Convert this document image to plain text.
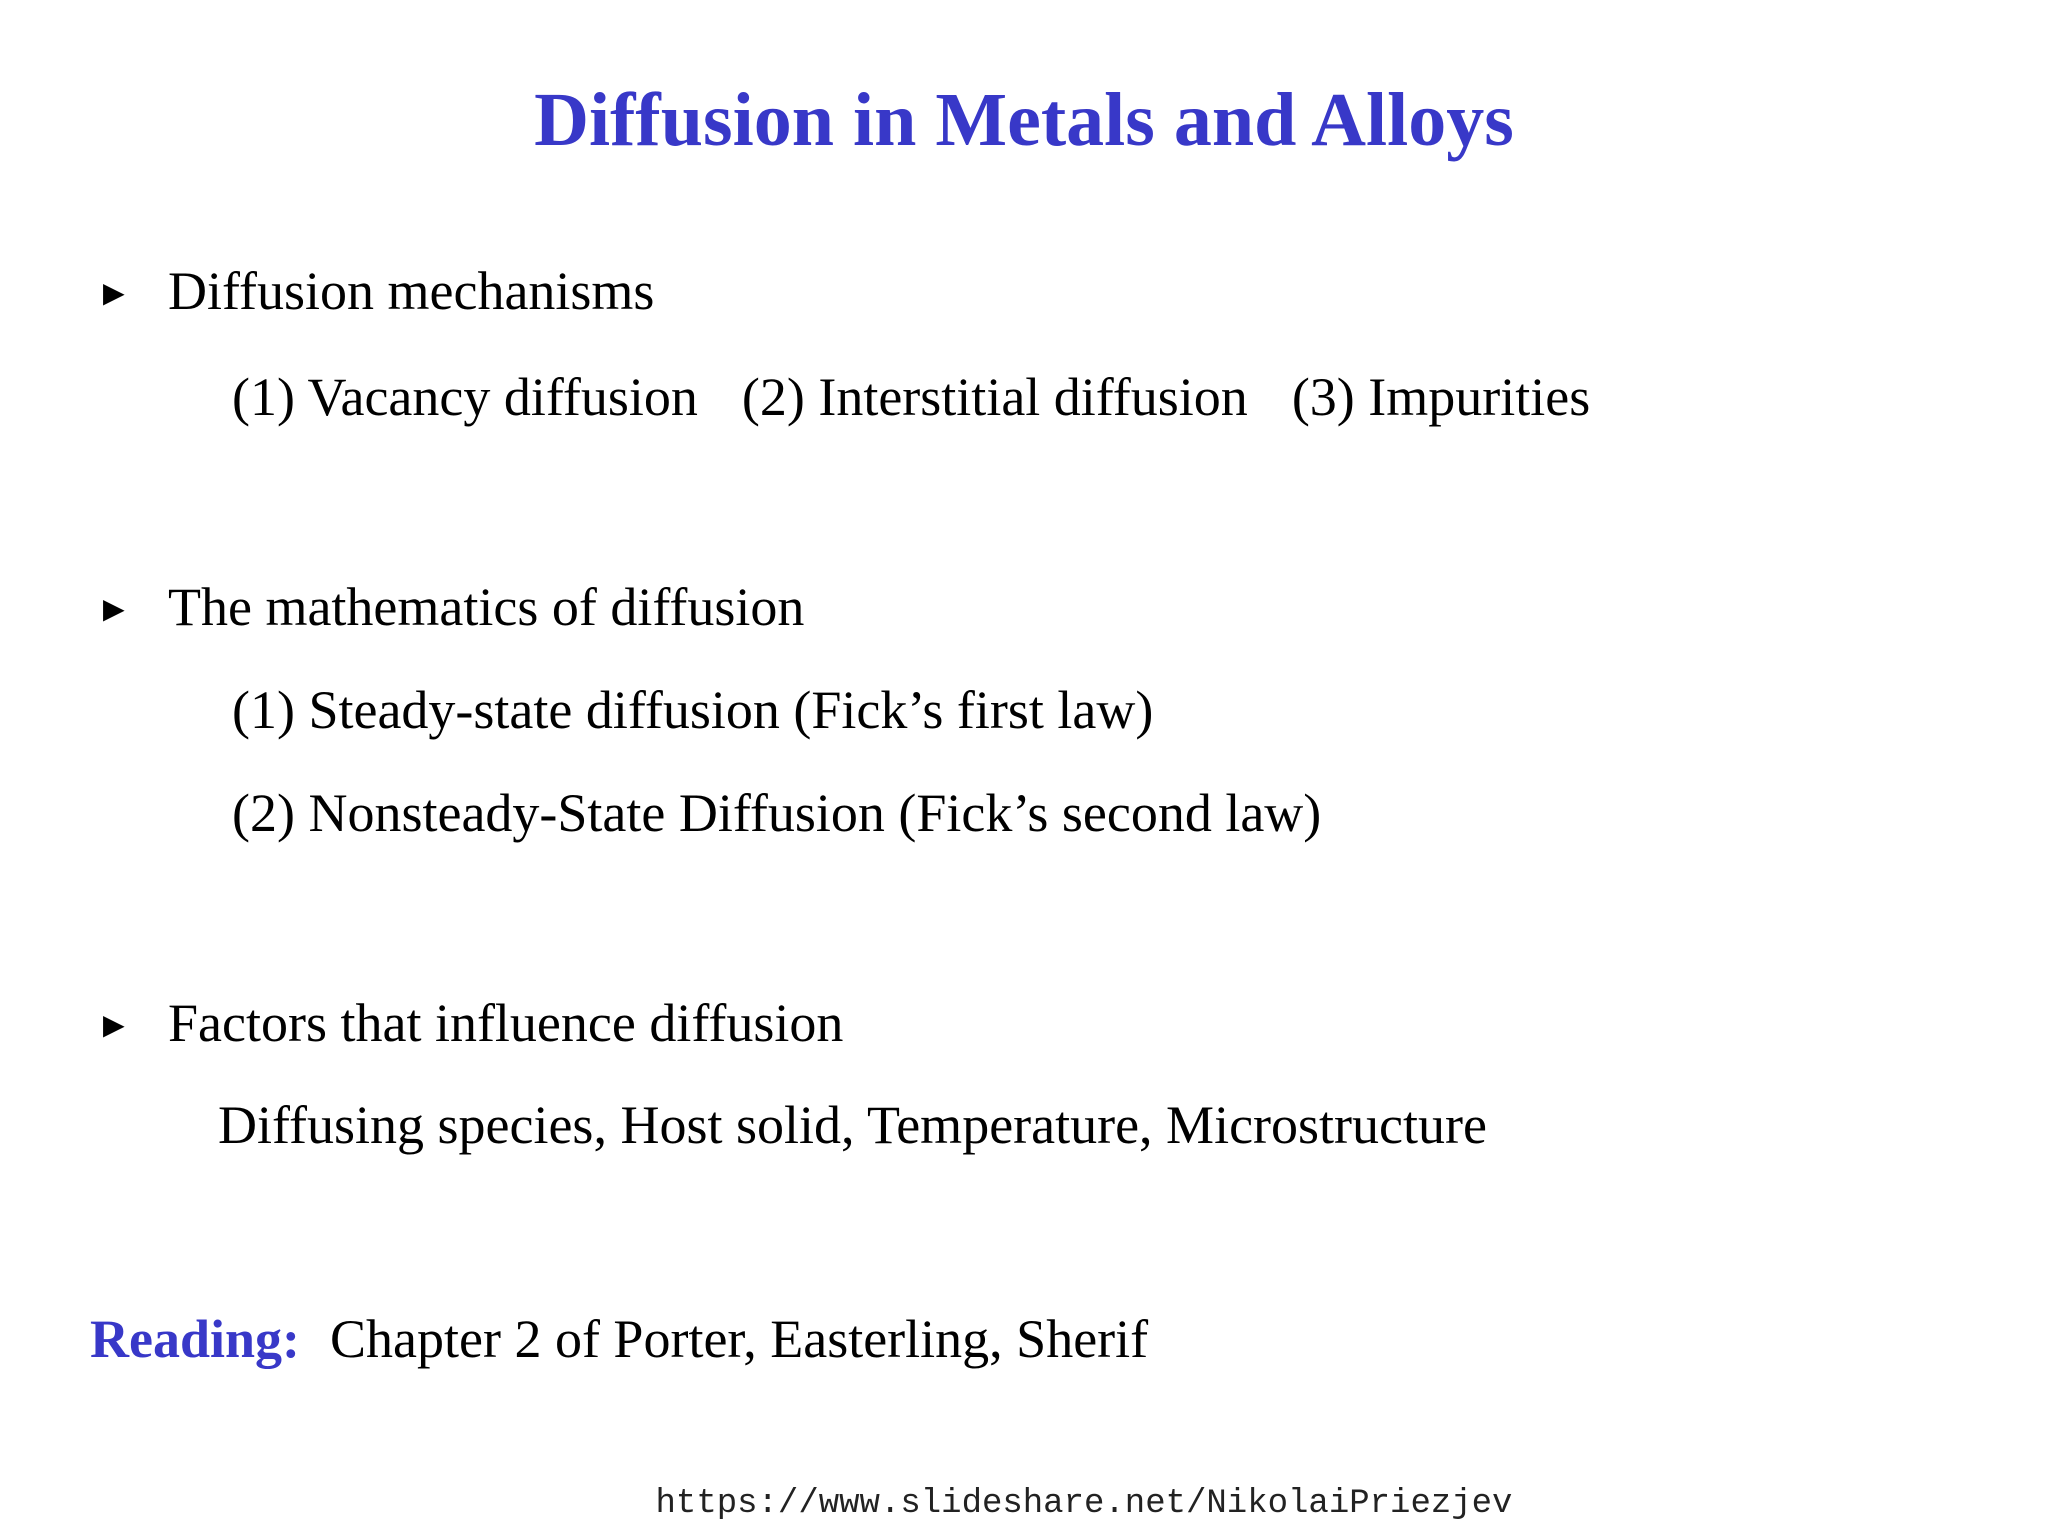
Diffusion in Metals and Alloys
► Diffusion mechanisms
(1) Vacancy diffusion (2) Interstitial diffusion (3) Impurities
► The mathematics of diffusion
(1) Steady-state diffusion (Fick’s first law)
(2) Nonsteady-State Diffusion (Fick’s second law)
► Factors that influence diffusion
Diffusing species, Host solid, Temperature, Microstructure
Reading: Chapter 2 of Porter, Easterling, Sherif
https://www.slideshare.net/NikolaiPriezjev
